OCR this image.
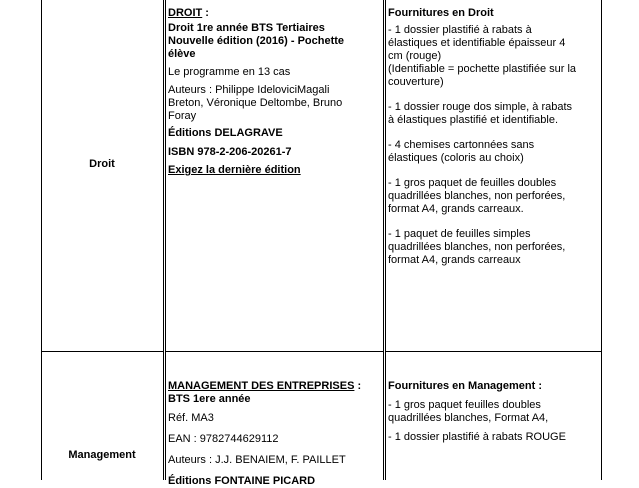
Droit

DROIT :

Droit 1re année BTS Tertiaires
Nouvelle édition (2016) - Pochette
élève

Le programme en 13 cas

Auteurs : Philippe IdeloviciMagali
Breton, Véronique Deltombe, Bruno
Foray

Éditions DELAGRAVE

ISBN 978-2-206-20261-7

Exigez la dernière édition

Fournitures en Droit

- 1 dossier plastifié à rabats à
élastiques et identifiable épaisseur 4
cm (rouge)
(Identifiable = pochette plastifiée sur la
couverture)

- 1 dossier rouge dos simple, à rabats
à élastiques plastifié et identifiable.

- 4 chemises cartonnées sans
élastiques (coloris au choix)

- 1 gros paquet de feuilles doubles
quadrillées blanches, non perforées,
format A4, grands carreaux.

- 1 paquet de feuilles simples
quadrillées blanches, non perforées,
format A4, grands carreaux

Management

MANAGEMENT DES ENTREPRISES :

BTS 1ere année

Réf. MA3

EAN : 9782744629112

Auteurs : J.J. BENAIEM, F. PAILLET

Éditions FONTAINE PICARD

Fournitures en Management :

- 1 gros paquet feuilles doubles
quadrillées blanches, Format A4,

- 1 dossier plastifié à rabats ROUGE
